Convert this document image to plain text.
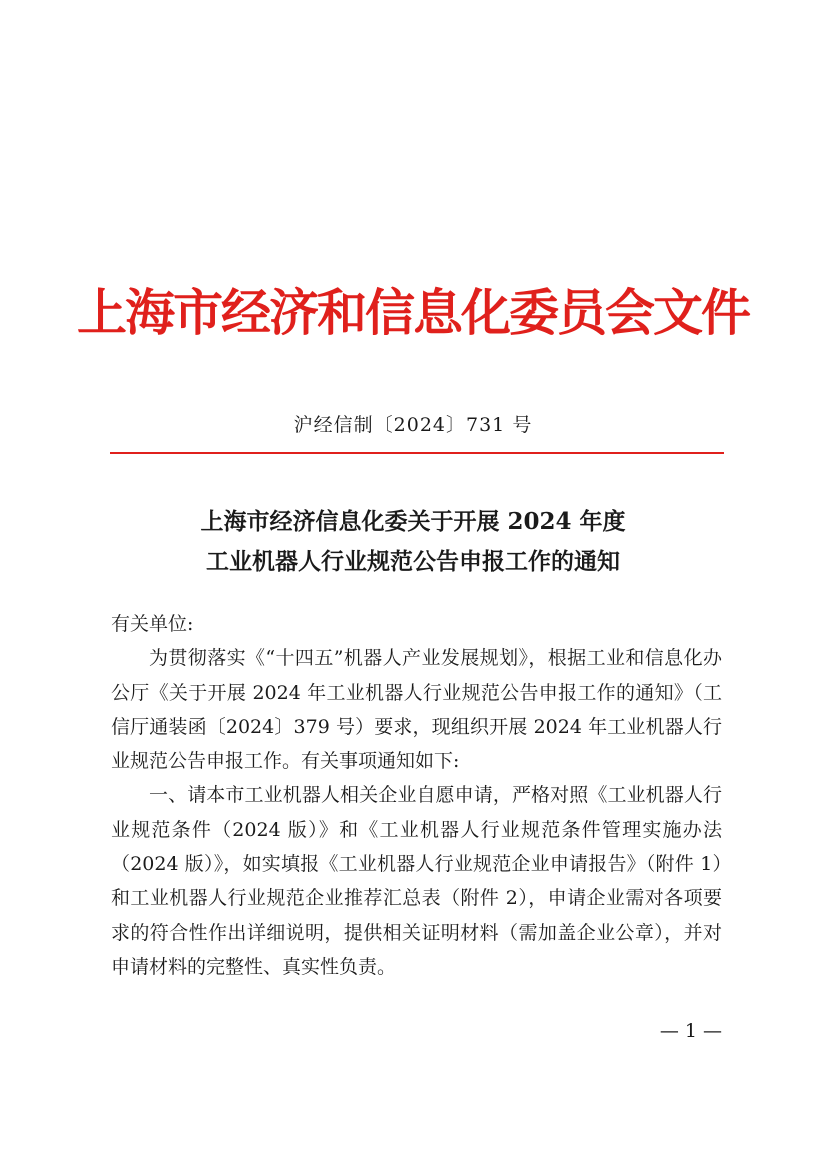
上海市经济和信息化委员会文件
沪经信制〔2024〕731 号
上海市经济信息化委关于开展 2024 年度
工业机器人行业规范公告申报工作的通知

有关单位:

为贯彻落实《“十四五”机器人产业发展规划》，根据工业和信息化办公厅《关于开展 2024 年工业机器人行业规范公告申报工作的通知》（工信厅通装函〔2024〕379 号）要求，现组织开展 2024 年工业机器人行业规范公告申报工作。有关事项通知如下:

一、请本市工业机器人相关企业自愿申请，严格对照《工业机器人行业规范条件（2024 版）》和《工业机器人行业规范条件管理实施办法（2024 版）》，如实填报《工业机器人行业规范企业申请报告》（附件 1）和工业机器人行业规范企业推荐汇总表（附件 2），申请企业需对各项要求的符合性作出详细说明，提供相关证明材料（需加盖企业公章），并对申请材料的完整性、真实性负责。

— 1 —
